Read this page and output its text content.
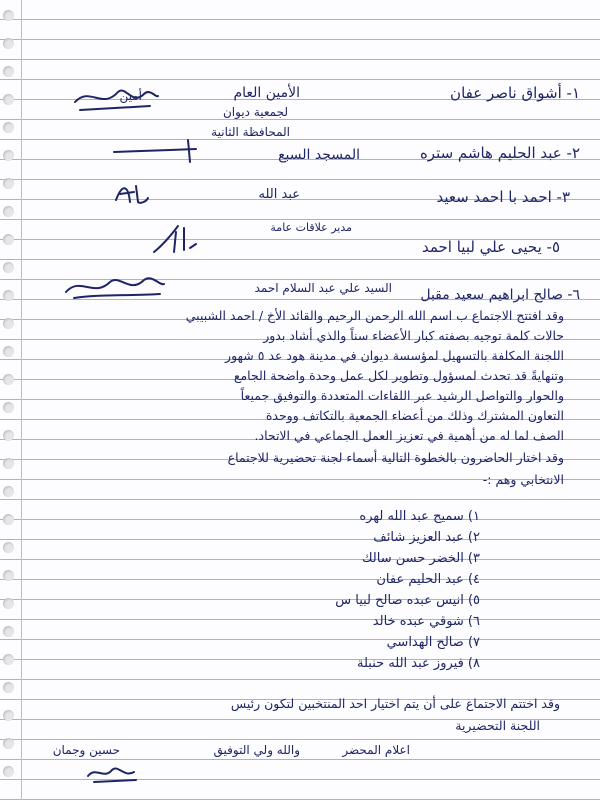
الأمين العام
لجمعية ديوان
المحافظة الثانية
١- أشواق ناصر عفان
أمين
٢- عبد الحليم هاشم ستره
المسجد السبع
٣- احمد با احمد سعيد
عبد الله
٥- يحيى علي لبيا احمد
مدير علاقات عامة
٦- صالح ابراهيم سعيد مقبل
السيد علي عبد السلام احمد
وقد افتتح الاجتماع ب اسم الله الرحمن الرحيم والقائد الأخ / احمد الشبيبي
حالات كلمة توجيه بصفته كبار الأعضاء سناً والذي أشاد بدور
اللجنة المكلفة بالتسهيل لمؤسسة ديوان في مدينة هود عد ٥ شهور
وتنهايةً قد تحدث لمسؤول وتطوير لكل عمل وحدة واضحة الجامع
والحوار والتواصل الرشيد عبر اللقاءات المتعددة والتوفيق جميعاً
التعاون المشترك وذلك من أعضاء الجمعية بالتكاتف ووحدة
الصف لما له من أهمية في تعزيز العمل الجماعي في الاتحاد.
وقد اختار الحاضرون بالخطوة التالية أسماء لجنة تحضيرية للاجتماع
الانتخابي وهم :-
١) سميح عبد الله لهره
٢) عبد العزيز شائف
٣) الخضر حسن سالك
٤) عبد الحليم عفان
٥) انيس عبده صالح لبيا س
٦) شوقي عبده خالد
٧) صالح الهداسي
٨) فيروز عبد الله حنبلة
وقد اختتم الاجتماع على أن يتم اختيار احد المنتخبين لتكون رئيس
اللجنة التحضيرية
والله ولي التوفيق	اعلام المحضر
حسين وجمان
